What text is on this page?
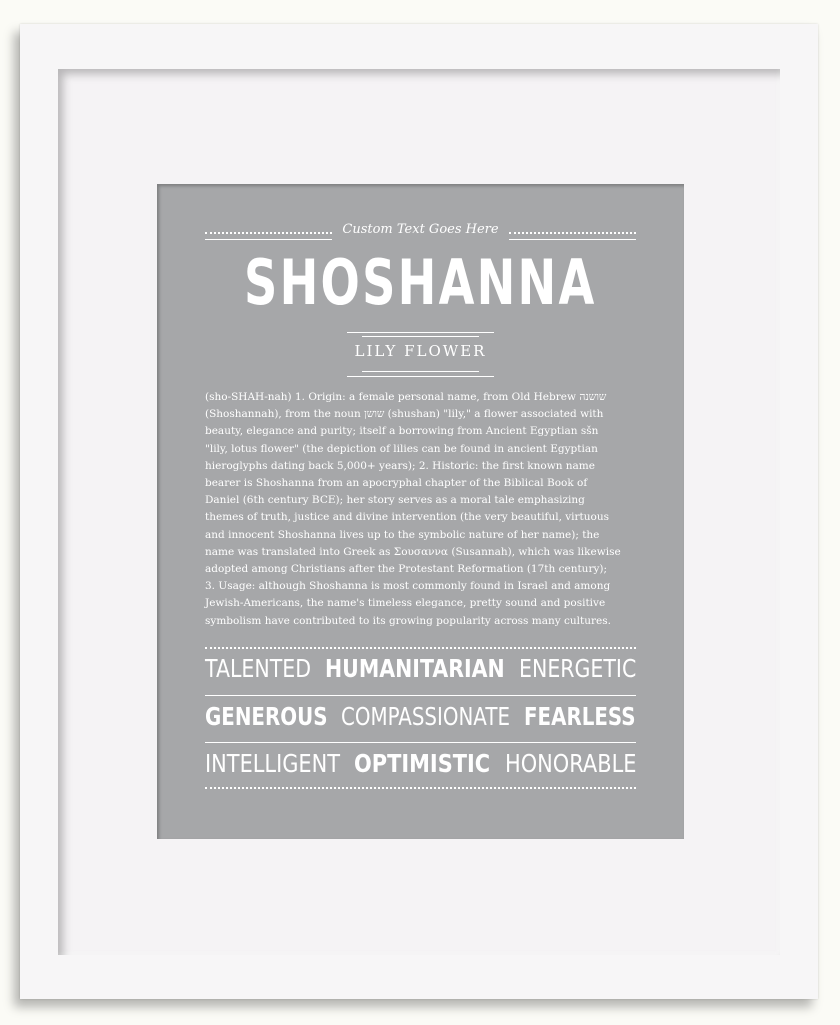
Custom Text Goes Here
SHOSHANNA
LILY FLOWER
(sho-SHAH-nah) 1. Origin: a female personal name, from Old Hebrew שושנה
(Shoshannah), from the noun שושן (shushan) "lily," a flower associated with
beauty, elegance and purity; itself a borrowing from Ancient Egyptian sšn
"lily, lotus flower" (the depiction of lilies can be found in ancient Egyptian
hieroglyphs dating back 5,000+ years); 2. Historic: the first known name
bearer is Shoshanna from an apocryphal chapter of the Biblical Book of
Daniel (6th century BCE); her story serves as a moral tale emphasizing
themes of truth, justice and divine intervention (the very beautiful, virtuous
and innocent Shoshanna lives up to the symbolic nature of her name); the
name was translated into Greek as Σουσαννα (Susannah), which was likewise
adopted among Christians after the Protestant Reformation (17th century);
3. Usage: although Shoshanna is most commonly found in Israel and among
Jewish-Americans, the name's timeless elegance, pretty sound and positive
symbolism have contributed to its growing popularity across many cultures.
TALENTED HUMANITARIAN ENERGETIC
GENEROUS COMPASSIONATE FEARLESS
INTELLIGENT OPTIMISTIC HONORABLE
